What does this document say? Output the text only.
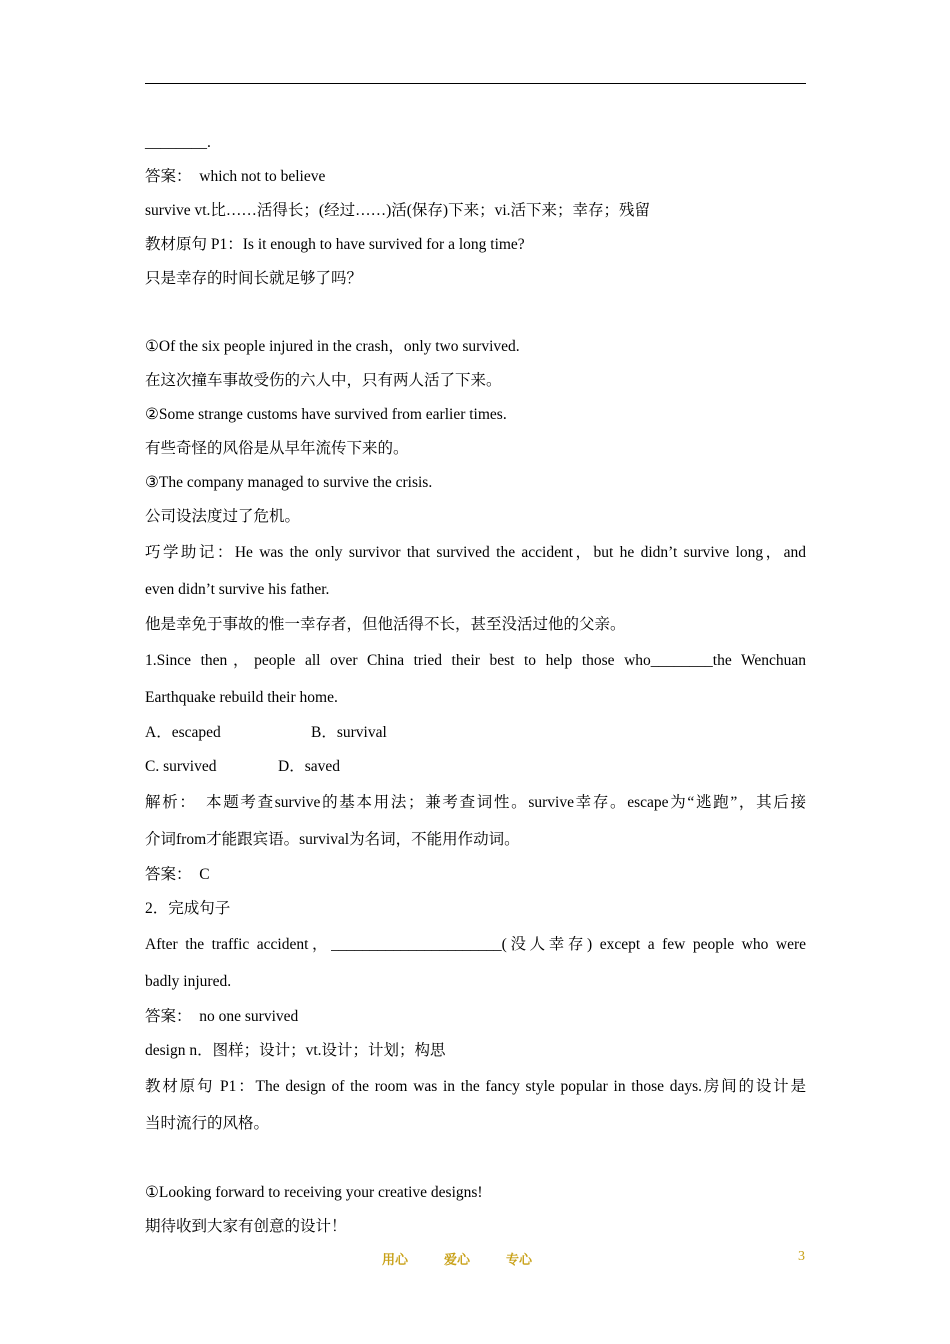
________.
答案：　which not to believe
survive vt.比……活得长；(经过……)活(保存)下来；vi.活下来；幸存；残留
教材原句 P1：Is it enough to have survived for a long time?
只是幸存的时间长就足够了吗？
①Of the six people injured in the crash，only two survived.
在这次撞车事故受伤的六人中，只有两人活了下来。
②Some strange customs have survived from earlier times.
有些奇怪的风俗是从早年流传下来的。
③The company managed to survive the crisis.
公司设法度过了危机。
巧学助记：He was the only survivor that survived the accident，but he didn’t survive long，and
even didn’t survive his father.
他是幸免于事故的惟一幸存者，但他活得不长，甚至没活过他的父亲。
1.Since then，people all over China tried their best to help those who________the Wenchuan
Earthquake rebuild their home.
A．escaped	B．survival
C. survived	D．saved
解析：　本题考查survive的基本用法；兼考查词性。survive幸存。escape为“逃跑”，其后接
介词from才能跟宾语。survival为名词，不能用作动词。
答案：　C
2．完成句子
After the traffic accident，______________________(没人幸存) except a few people who were
badly injured.
答案：　no one survived
design n．图样；设计；vt.设计；计划；构思
教材原句 P1：The design of the room was in the fancy style popular in those days.房间的设计是
当时流行的风格。
①Looking forward to receiving your creative designs!
期待收到大家有创意的设计！
用心	爱心	专心	3
